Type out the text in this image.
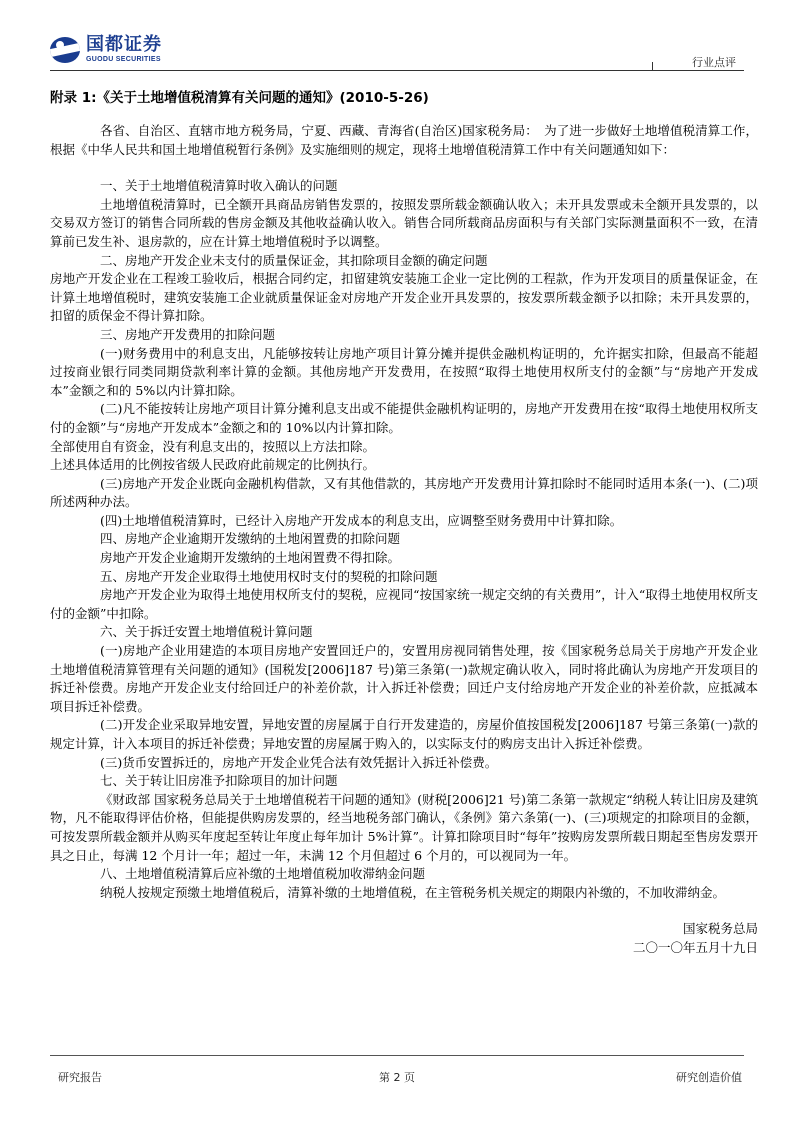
国都证券
GUODU SECURITIES	行业点评
附录 1:《关于土地增值税清算有关问题的通知》(2010-5-26)

各省、自治区、直辖市地方税务局，宁夏、西藏、青海省(自治区)国家税务局：　为了进一步做好土地增值税清算工作，根据《中华人民共和国土地增值税暂行条例》及实施细则的规定，现将土地增值税清算工作中有关问题通知如下：

一、关于土地增值税清算时收入确认的问题

土地增值税清算时，已全额开具商品房销售发票的，按照发票所载金额确认收入；未开具发票或未全额开具发票的，以交易双方签订的销售合同所载的售房金额及其他收益确认收入。销售合同所载商品房面积与有关部门实际测量面积不一致，在清算前已发生补、退房款的，应在计算土地增值税时予以调整。

二、房地产开发企业未支付的质量保证金，其扣除项目金额的确定问题

房地产开发企业在工程竣工验收后，根据合同约定，扣留建筑安装施工企业一定比例的工程款，作为开发项目的质量保证金，在计算土地增值税时，建筑安装施工企业就质量保证金对房地产开发企业开具发票的，按发票所载金额予以扣除；未开具发票的，扣留的质保金不得计算扣除。

三、房地产开发费用的扣除问题

(一)财务费用中的利息支出，凡能够按转让房地产项目计算分摊并提供金融机构证明的，允许据实扣除，但最高不能超过按商业银行同类同期贷款利率计算的金额。其他房地产开发费用，在按照“取得土地使用权所支付的金额”与“房地产开发成本”金额之和的 5%以内计算扣除。

(二)凡不能按转让房地产项目计算分摊利息支出或不能提供金融机构证明的，房地产开发费用在按“取得土地使用权所支付的金额”与“房地产开发成本”金额之和的 10%以内计算扣除。

全部使用自有资金，没有利息支出的，按照以上方法扣除。

上述具体适用的比例按省级人民政府此前规定的比例执行。

(三)房地产开发企业既向金融机构借款，又有其他借款的，其房地产开发费用计算扣除时不能同时适用本条(一)、(二)项所述两种办法。

(四)土地增值税清算时，已经计入房地产开发成本的利息支出，应调整至财务费用中计算扣除。

四、房地产企业逾期开发缴纳的土地闲置费的扣除问题

房地产开发企业逾期开发缴纳的土地闲置费不得扣除。

五、房地产开发企业取得土地使用权时支付的契税的扣除问题

房地产开发企业为取得土地使用权所支付的契税，应视同“按国家统一规定交纳的有关费用”，计入“取得土地使用权所支付的金额”中扣除。

六、关于拆迁安置土地增值税计算问题

(一)房地产企业用建造的本项目房地产安置回迁户的，安置用房视同销售处理，按《国家税务总局关于房地产开发企业土地增值税清算管理有关问题的通知》(国税发[2006]187 号)第三条第(一)款规定确认收入，同时将此确认为房地产开发项目的拆迁补偿费。房地产开发企业支付给回迁户的补差价款，计入拆迁补偿费；回迁户支付给房地产开发企业的补差价款，应抵减本项目拆迁补偿费。

(二)开发企业采取异地安置，异地安置的房屋属于自行开发建造的，房屋价值按国税发[2006]187 号第三条第(一)款的规定计算，计入本项目的拆迁补偿费；异地安置的房屋属于购入的，以实际支付的购房支出计入拆迁补偿费。

(三)货币安置拆迁的，房地产开发企业凭合法有效凭据计入拆迁补偿费。

七、关于转让旧房准予扣除项目的加计问题

《财政部 国家税务总局关于土地增值税若干问题的通知》(财税[2006]21 号)第二条第一款规定“纳税人转让旧房及建筑物，凡不能取得评估价格，但能提供购房发票的，经当地税务部门确认，《条例》第六条第(一)、(三)项规定的扣除项目的金额，可按发票所载金额并从购买年度起至转让年度止每年加计 5%计算”。计算扣除项目时“每年”按购房发票所载日期起至售房发票开具之日止，每满 12 个月计一年；超过一年，未满 12 个月但超过 6 个月的，可以视同为一年。

八、土地增值税清算后应补缴的土地增值税加收滞纳金问题

纳税人按规定预缴土地增值税后，清算补缴的土地增值税，在主管税务机关规定的期限内补缴的，不加收滞纳金。

国家税务总局

二〇一〇年五月十九日

研究报告	第 2 页	研究创造价值
